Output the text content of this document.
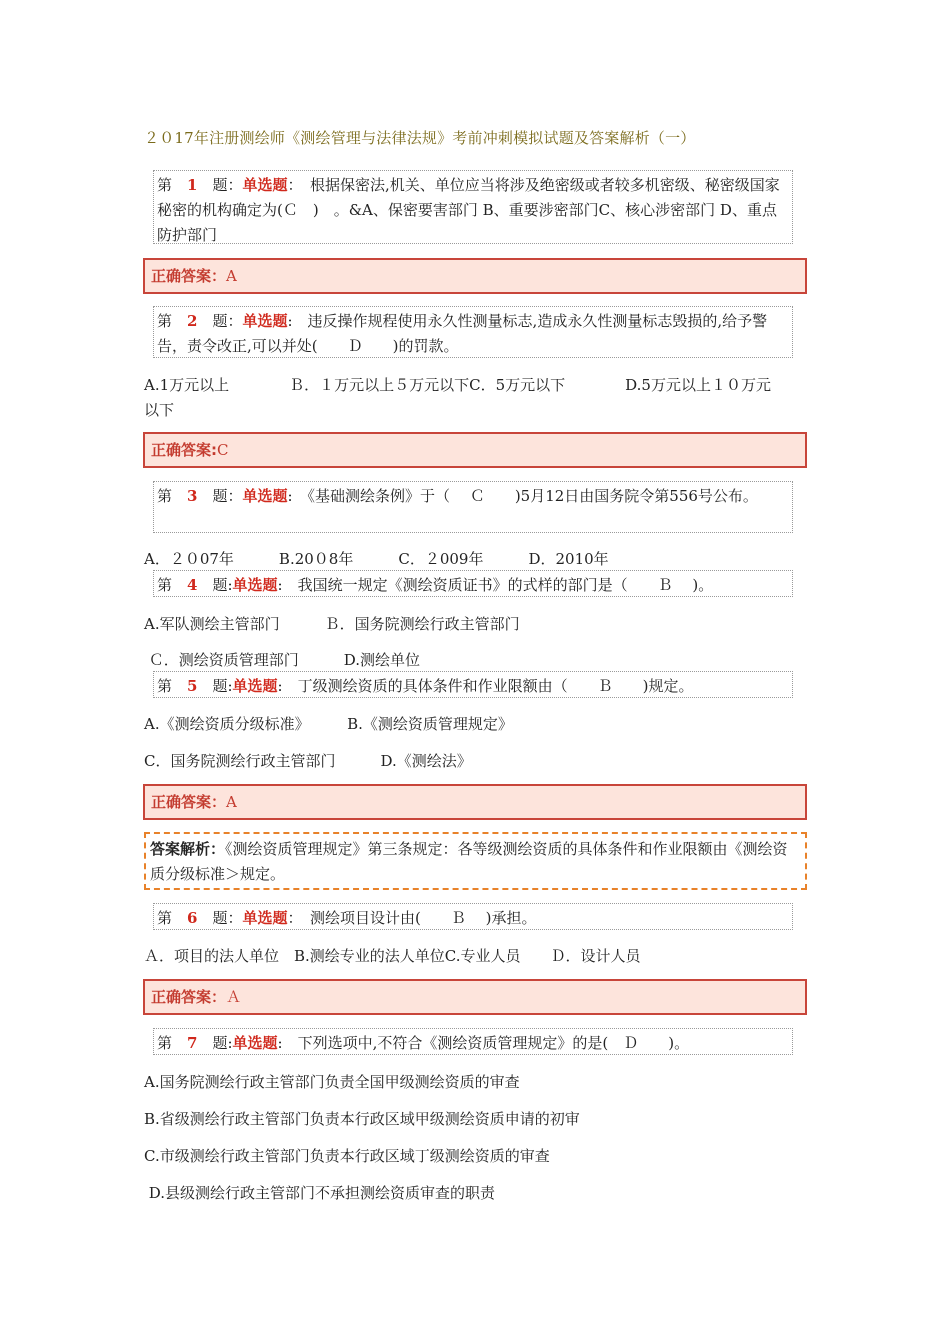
２０17年注册测绘师《测绘管理与法律法规》考前冲刺模拟试题及答案解析（一）
第　1　题：单选题：　根据保密法,机关、单位应当将涉及绝密级或者较多机密级、秘密级国家秘密的机构确定为(Ｃ　)　。&A、保密要害部门 B、重要涉密部门C、核心涉密部门 D、重点防护部门
正确答案：A
第　2　题：单选题:　违反操作规程使用永久性测量标志,造成永久性测量标志毁损的,给予警告，责令改正,可以并处(　　Ｄ　　)的罚款。
A.1万元以上　　　　Ｂ．１万元以上５万元以下C．5万元以下　　　　D.5万元以上１０万元
以下
正确答案:C
第　3　题：单选题:　《基础测绘条例》于（　 Ｃ　　)5月12日由国务院令第556号公布。
A．２０07年　　　B.20０8年　　　C．２009年　　　D．2010年
第　4　题:单选题:　我国统一规定《测绘资质证书》的式样的部门是（　　Ｂ　 )。
A.军队测绘主管部门　　　Ｂ．国务院测绘行政主管部门
Ｃ．测绘资质管理部门　　　D.测绘单位
第　5　题:单选题:　丁级测绘资质的具体条件和作业限额由（　　Ｂ　　)规定。
A.《测绘资质分级标准》　　　B.《测绘资质管理规定》
C．国务院测绘行政主管部门　　　D.《测绘法》
正确答案：A
答案解析：《测绘资质管理规定》第三条规定：各等级测绘资质的具体条件和作业限额由《测绘资质分级标准＞规定。
第　6　题：单选题：　测绘项目设计由(　　Ｂ　 )承担。
Ａ．项目的法人单位　B.测绘专业的法人单位C.专业人员　　Ｄ．设计人员
正确答案：Ａ
第　7　题:单选题:　下列选项中,不符合《测绘资质管理规定》的是(　Ｄ　　)。
A.国务院测绘行政主管部门负责全国甲级测绘资质的审查
B.省级测绘行政主管部门负责本行政区域甲级测绘资质申请的初审
C.市级测绘行政主管部门负责本行政区域丁级测绘资质的审查
D.县级测绘行政主管部门不承担测绘资质审查的职责
